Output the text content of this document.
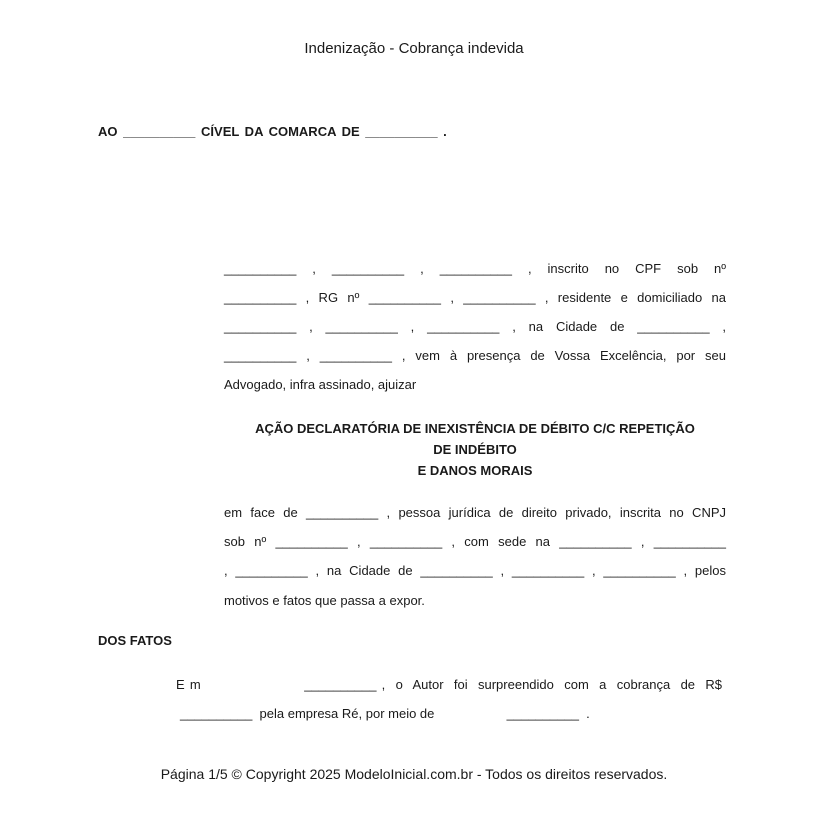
Indenização - Cobrança indevida
AO __________ CÍVEL DA COMARCA DE __________ .
__________ , __________ , __________ , inscrito no CPF sob nº
__________ , RG nº __________ , __________ , residente e domiciliado na
__________ , __________ , __________ , na Cidade de __________ ,
__________ , __________ , vem à presença de Vossa Excelência, por seu
Advogado, infra assinado, ajuizar
AÇÃO DECLARATÓRIA DE INEXISTÊNCIA DE DÉBITO C/C REPETIÇÃO
DE INDÉBITO
E DANOS MORAIS
em face de __________ , pessoa jurídica de direito privado, inscrita no CNPJ
sob nº __________ , __________ , com sede na __________ , __________
, __________ , na Cidade de __________ , __________ , __________ , pelos
motivos e fatos que passa a expor.
DOS FATOS
E m                    __________ ,  o  Autor  foi  surpreendido  com  a  cobrança  de  R$
__________  pela empresa Ré, por meio de                    __________  .
Página 1/5 © Copyright 2025 ModeloInicial.com.br - Todos os direitos reservados.
